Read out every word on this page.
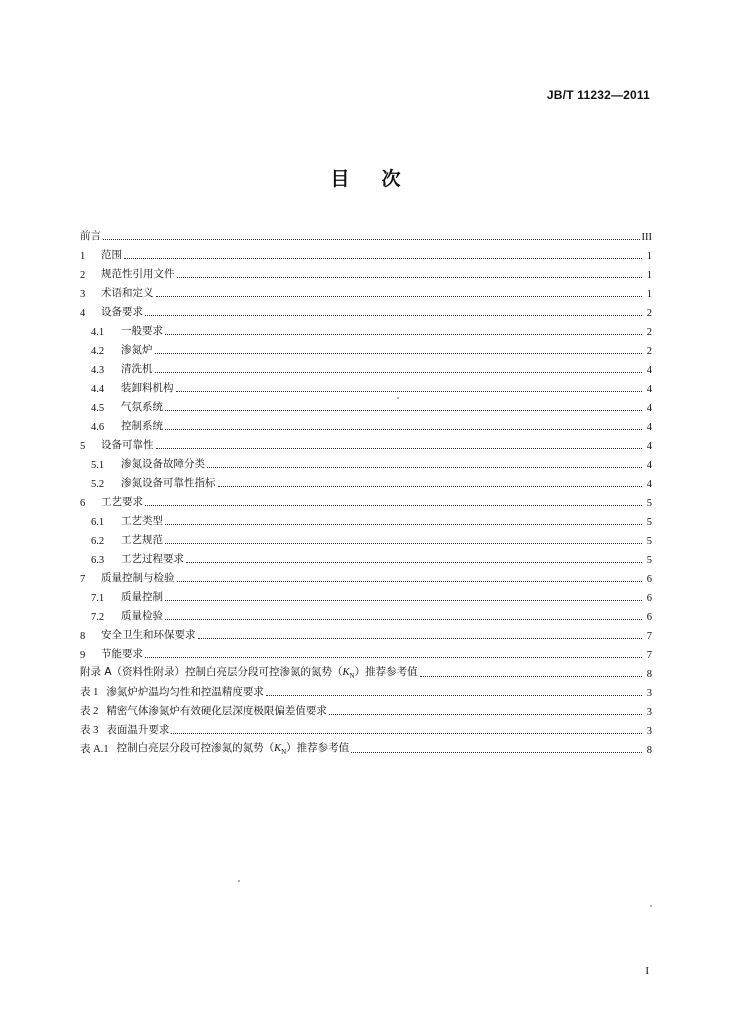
JB/T 11232—2011
目次
前言	III
1	范围	1
2	规范性引用文件	1
3	术语和定义	1
4	设备要求	2
4.1	一般要求	2
4.2	渗氮炉	2
4.3	清洗机	4
4.4	装卸料机构	4
4.5	气氛系统	4
4.6	控制系统	4
5	设备可靠性	4
5.1	渗氮设备故障分类	4
5.2	渗氮设备可靠性指标	4
6	工艺要求	5
6.1	工艺类型	5
6.2	工艺规范	5
6.3	工艺过程要求	5
7	质量控制与检验	6
7.1	质量控制	6
7.2	质量检验	6
8	安全卫生和环保要求	7
9	节能要求	7
附录 A（资料性附录）控制白亮层分段可控渗氮的氮势$(K_N)$推荐参考值	8
表 1 渗氮炉炉温均匀性和控温精度要求	3
表 2 精密气体渗氮炉有效硬化层深度极限偏差值要求	3
表 3 表面温升要求	3
表 A.1 控制白亮层分段可控渗氮的氮势$(K_N)$推荐参考值	8
I
